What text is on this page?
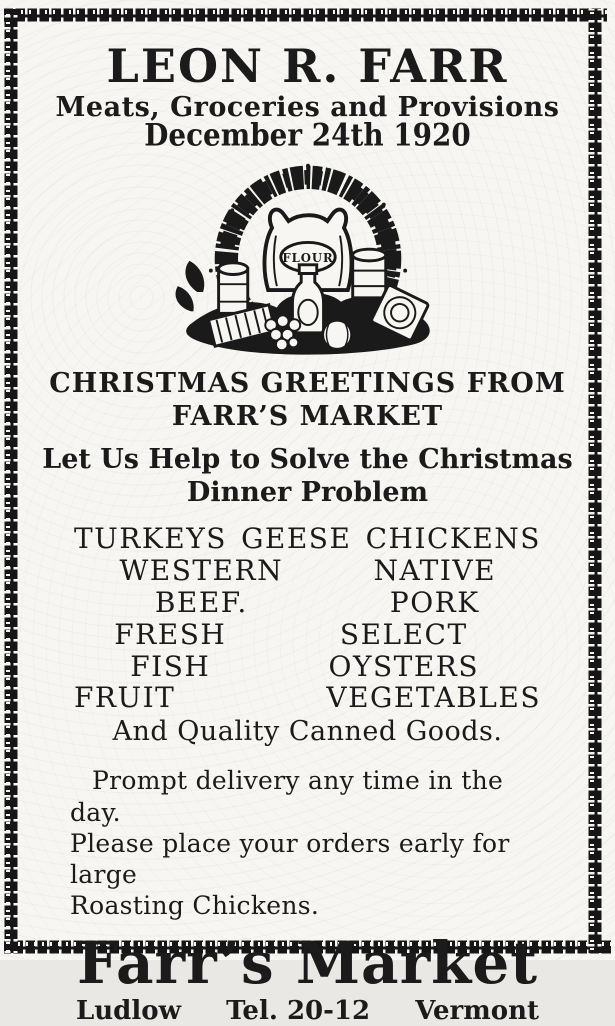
LEON R. FARR
Meats, Groceries and Provisions
December 24th 1920
FLOUR
CHRISTMAS GREETINGS FROM
FARR’S MARKET
Let Us Help to Solve the Christmas
Dinner Problem
TURKEYS GEESE CHICKENS
WESTERN BEEF.
NATIVE PORK
FRESH FISH
SELECT OYSTERS
FRUIT	VEGETABLES
And Quality Canned Goods.
Prompt delivery any time in the day.
Please place your orders early for large
Roasting Chickens.
Farr’s Market
Ludlow Tel. 20-12 Vermont
